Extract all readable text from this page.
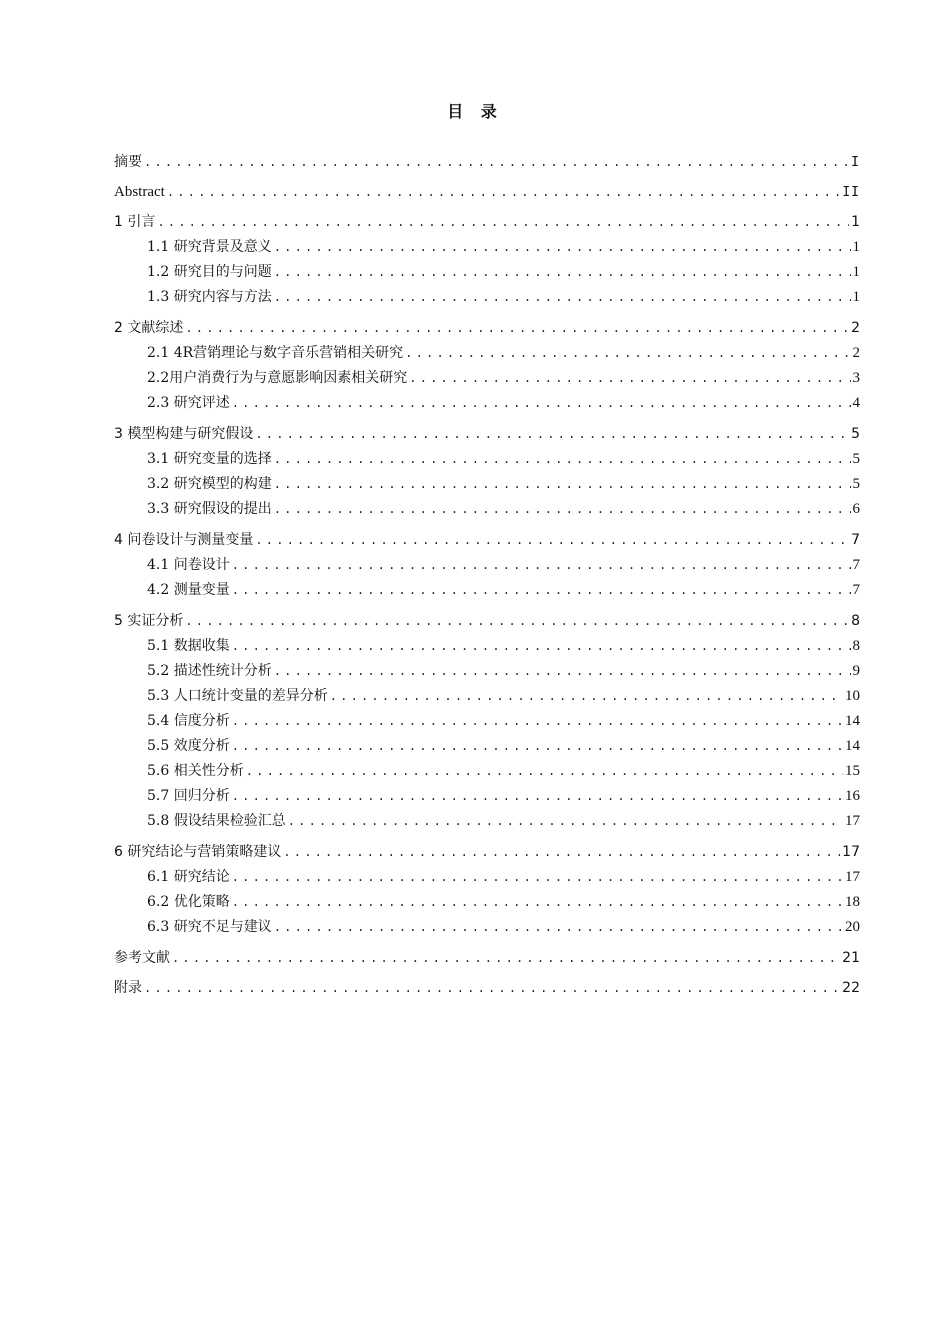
目 录
摘要 .....	I
Abstract .....	II
1 引言 .....	1
1.1 研究背景及意义 .....	1
1.2 研究目的与问题 .....	1
1.3 研究内容与方法 .....	1
2 文献综述 .....	2
2.1 4R营销理论与数字音乐营销相关研究 .....	2
2.2用户消费行为与意愿影响因素相关研究 .....	3
2.3 研究评述 .....	4
3 模型构建与研究假设 .....	5
3.1 研究变量的选择 .....	5
3.2 研究模型的构建 .....	5
3.3 研究假设的提出 .....	6
4 问卷设计与测量变量 .....	7
4.1 问卷设计 .....	7
4.2 测量变量 .....	7
5 实证分析 .....	8
5.1 数据收集 .....	8
5.2 描述性统计分析 .....	9
5.3 人口统计变量的差异分析 .....	10
5.4 信度分析 .....	14
5.5 效度分析 .....	14
5.6 相关性分析 .....	15
5.7 回归分析 .....	16
5.8 假设结果检验汇总 .....	17
6 研究结论与营销策略建议 .....	17
6.1 研究结论 .....	17
6.2 优化策略 .....	18
6.3 研究不足与建议 .....	20
参考文献 .....	21
附录 .....	22
